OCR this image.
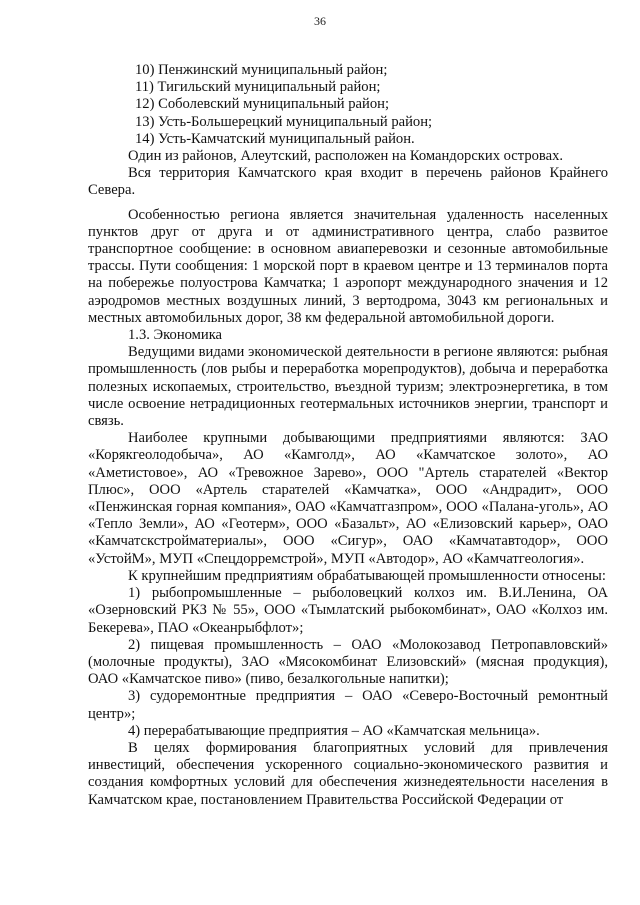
36

10) Пенжинский муниципальный район;

11) Тигильский муниципальный район;

12) Соболевский муниципальный район;

13) Усть-Большерецкий муниципальный район;

14) Усть-Камчатский муниципальный район.

Один из районов, Алеутский, расположен на Командорских островах.

Вся территория Камчатского края входит в перечень районов Крайнего Севера.

Особенностью региона является значительная удаленность населенных пунктов друг от друга и от административного центра, слабо развитое транспортное сообщение: в основном авиаперевозки и сезонные автомобильные трассы. Пути сообщения: 1 морской порт в краевом центре и 13 терминалов порта на побережье полуострова Камчатка; 1 аэропорт международного значения и 12 аэродромов местных воздушных линий, 3 вертодрома, 3043 км региональных и местных автомобильных дорог, 38 км федеральной автомобильной дороги.

1.3. Экономика

Ведущими видами экономической деятельности в регионе являются: рыбная промышленность (лов рыбы и переработка морепродуктов), добыча и переработка полезных ископаемых, строительство, въездной туризм; электроэнергетика, в том числе освоение нетрадиционных геотермальных источников энергии, транспорт и связь.

Наиболее крупными добывающими предприятиями являются: ЗАО «Корякгеолодобыча», АО «Камголд», АО «Камчатское золото», АО «Аметистовое», АО «Тревожное Зарево», ООО "Артель старателей «Вектор Плюс», ООО «Артель старателей «Камчатка», ООО «Андрадит», ООО «Пенжинская горная компания», ОАО «Камчатгазпром», ООО «Палана-уголь», АО «Тепло Земли», АО «Геотерм», ООО «Базальт», АО «Елизовский карьер», ОАО «Камчатскстройматериалы», ООО «Сигур», ОАО «Камчатавтодор», ООО «УстойМ», МУП «Спецдорремстрой», МУП «Автодор», АО «Камчатгеология».

К крупнейшим предприятиям обрабатывающей промышленности относены:

1) рыбопромышленные – рыболовецкий колхоз им. В.И.Ленина, ОА «Озерновский РКЗ № 55», ООО «Тымлатский рыбокомбинат», ОАО «Колхоз им. Бекерева», ПАО «Океанрыбфлот»;

2) пищевая промышленность – ОАО «Молокозавод Петропавловский» (молочные продукты), ЗАО «Мясокомбинат Елизовский» (мясная продукция), ОАО «Камчатское пиво» (пиво, безалкогольные напитки);

3) судоремонтные предприятия – ОАО «Северо-Восточный ремонтный центр»;

4) перерабатывающие предприятия – АО «Камчатская мельница».

В целях формирования благоприятных условий для привлечения инвестиций, обеспечения ускоренного социально-экономического развития и создания комфортных условий для обеспечения жизнедеятельности населения в Камчатском крае, постановлением Правительства Российской Федерации от
